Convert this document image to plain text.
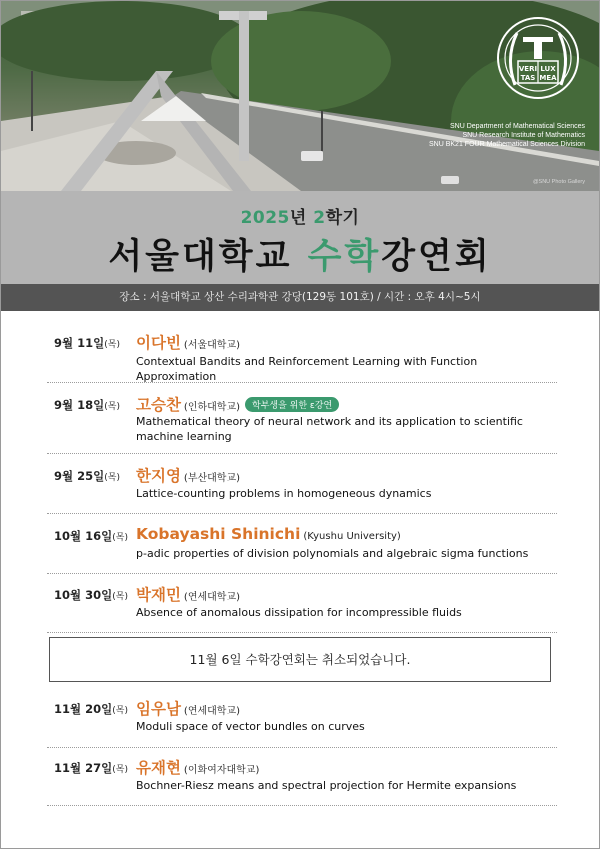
VERI LUX
TAS MEA
SNU Department of Mathematical Sciences
SNU Research Institute of Mathematics
SNU BK21 FOUR Mathematical Sciences Division
@SNU Photo Gallery
2025년 2학기
서울대학교 수학강연회
장소 : 서울대학교 상산 수리과학관 강당(129동 101호) / 시간 : 오후 4시~5시
9월 11일(목) 이다빈 (서울대학교)
Contextual Bandits and Reinforcement Learning with Function Approximation
9월 18일(목) 고승찬 (인하대학교) 학부생을 위한 ε강연
Mathematical theory of neural network and its application to scientific machine learning
9월 25일(목) 한지영 (부산대학교)
Lattice-counting problems in homogeneous dynamics
10월 16일(목) Kobayashi Shinichi (Kyushu University)
p-adic properties of division polynomials and algebraic sigma functions
10월 30일(목) 박재민 (연세대학교)
Absence of anomalous dissipation for incompressible fluids
11월 6일 수학강연회는 취소되었습니다.
11월 20일(목) 임우남 (연세대학교)
Moduli space of vector bundles on curves
11월 27일(목) 유재현 (이화여자대학교)
Bochner-Riesz means and spectral projection for Hermite expansions
